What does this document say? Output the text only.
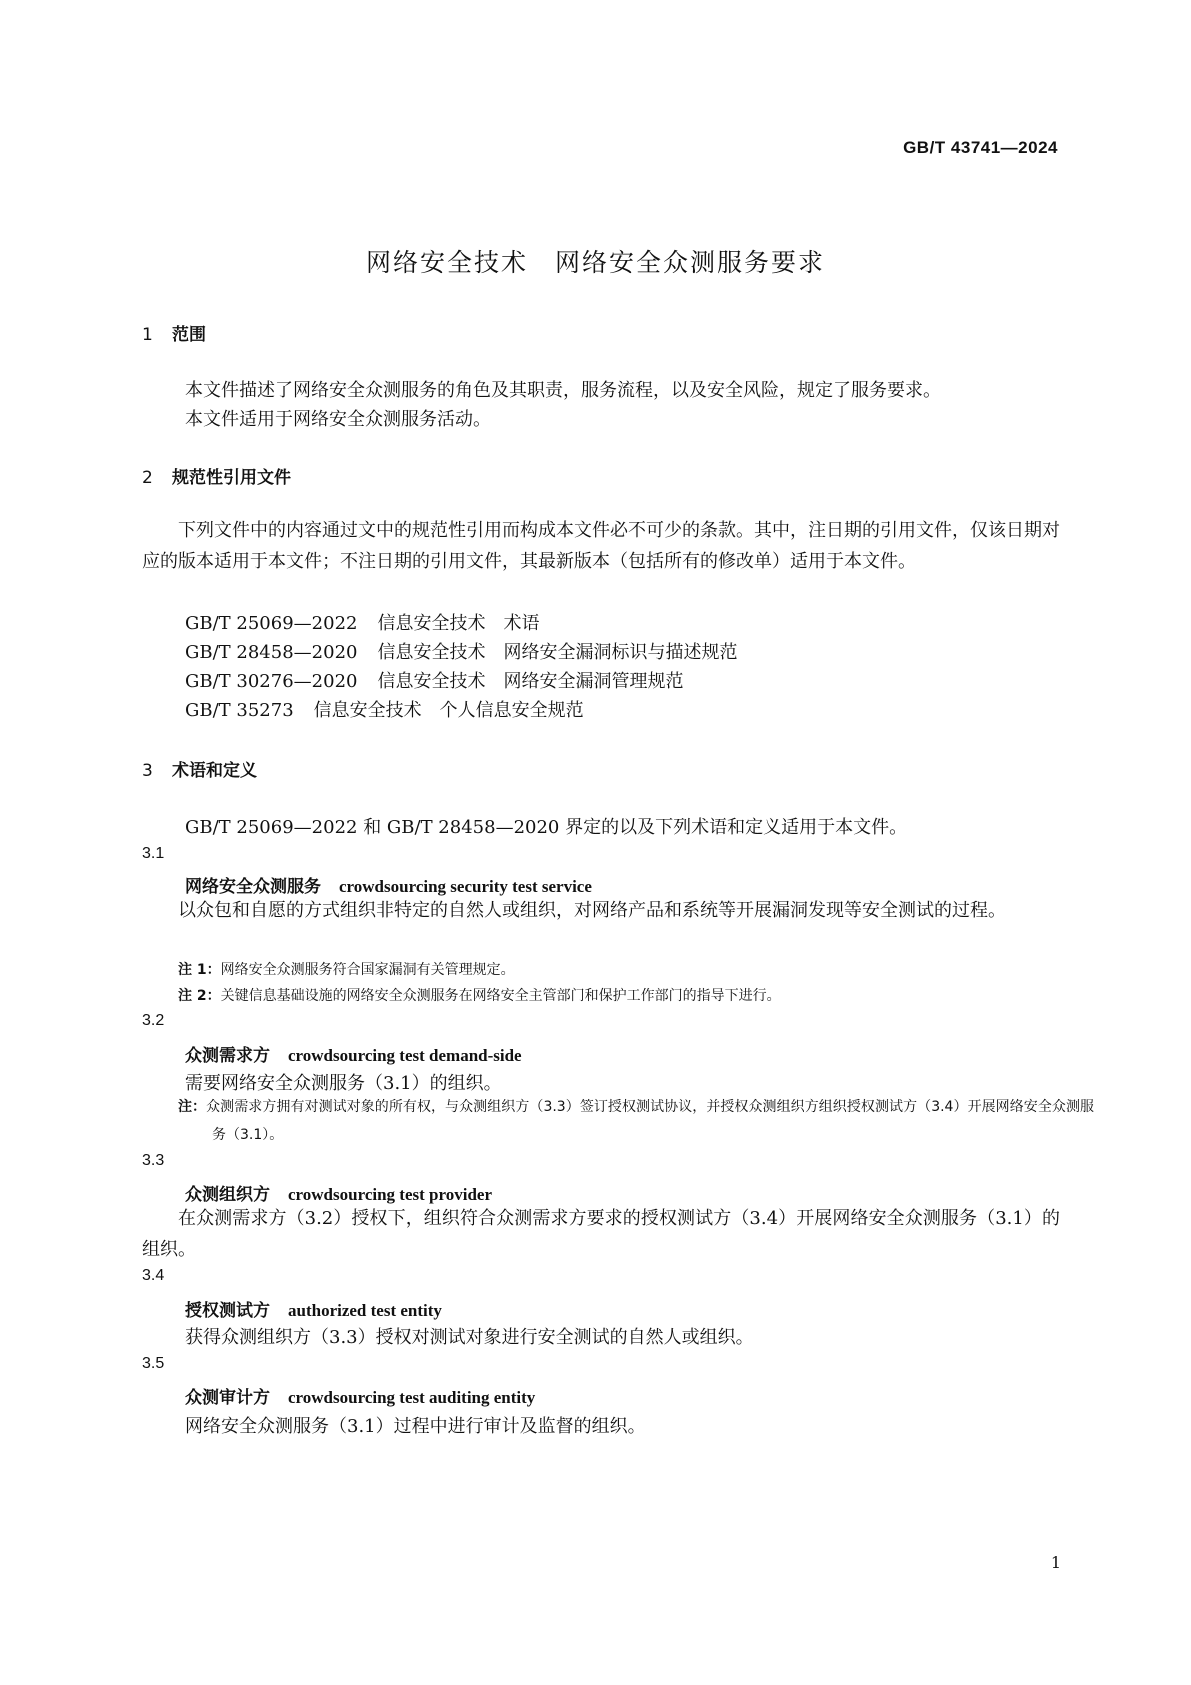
GB/T 43741—2024
网络安全技术　网络安全众测服务要求
1 范围
本文件描述了网络安全众测服务的角色及其职责，服务流程，以及安全风险，规定了服务要求。
本文件适用于网络安全众测服务活动。
2 规范性引用文件

下列文件中的内容通过文中的规范性引用而构成本文件必不可少的条款。其中，注日期的引用文件，仅该日期对应的版本适用于本文件；不注日期的引用文件，其最新版本（包括所有的修改单）适用于本文件。

GB/T 25069—2022 信息安全技术　术语
GB/T 28458—2020 信息安全技术　网络安全漏洞标识与描述规范
GB/T 30276—2020 信息安全技术　网络安全漏洞管理规范
GB/T 35273 信息安全技术　个人信息安全规范
3 术语和定义
GB/T 25069—2022 和 GB/T 28458—2020 界定的以及下列术语和定义适用于本文件。
3.1
网络安全众测服务 crowdsourcing security test service

以众包和自愿的方式组织非特定的自然人或组织，对网络产品和系统等开展漏洞发现等安全测试的过程。

注 1：网络安全众测服务符合国家漏洞有关管理规定。
注 2：关键信息基础设施的网络安全众测服务在网络安全主管部门和保护工作部门的指导下进行。
3.2
众测需求方 crowdsourcing test demand-side
需要网络安全众测服务（3.1）的组织。
注：众测需求方拥有对测试对象的所有权，与众测组织方（3.3）签订授权测试协议，并授权众测组织方组织授权测试方（3.4）开展网络安全众测服务（3.1）。
3.3
众测组织方 crowdsourcing test provider

在众测需求方（3.2）授权下，组织符合众测需求方要求的授权测试方（3.4）开展网络安全众测服务（3.1）的组织。

3.4
授权测试方 authorized test entity
获得众测组织方（3.3）授权对测试对象进行安全测试的自然人或组织。
3.5
众测审计方 crowdsourcing test auditing entity
网络安全众测服务（3.1）过程中进行审计及监督的组织。
1
